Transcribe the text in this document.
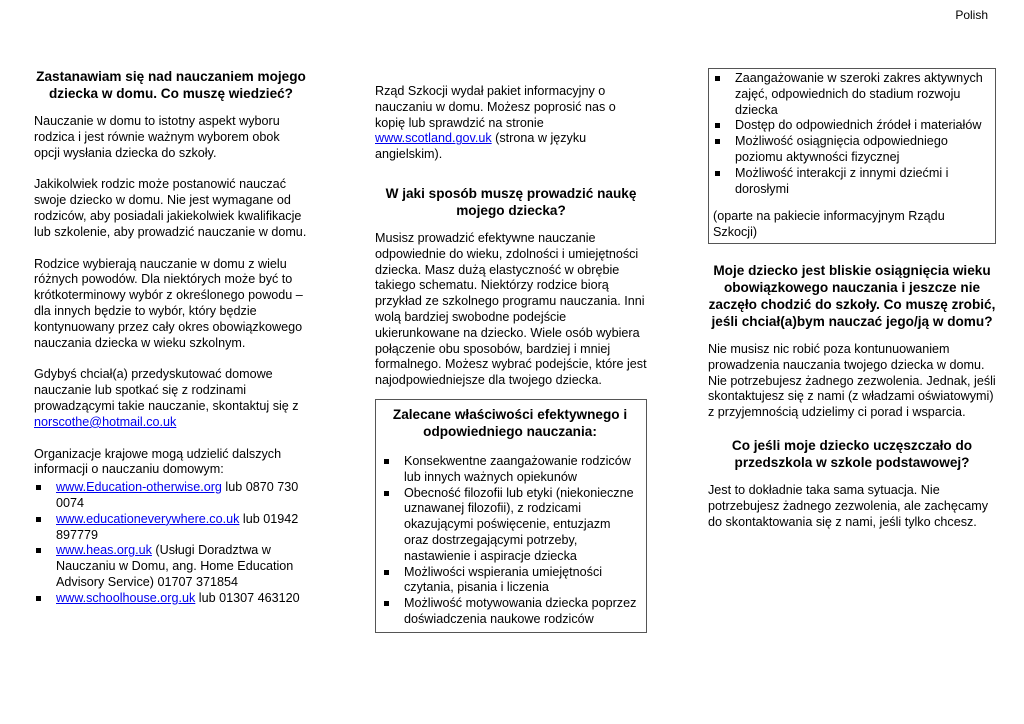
Polish
Zastanawiam się nad nauczaniem mojego dziecka w domu. Co muszę wiedzieć?

Nauczanie w domu to istotny aspekt wyboru rodzica i jest równie ważnym wyborem obok opcji wysłania dziecka do szkoły.

Jakikolwiek rodzic może postanowić nauczać swoje dziecko w domu. Nie jest wymagane od rodziców, aby posiadali jakiekolwiek kwalifikacje lub szkolenie, aby prowadzić nauczanie w domu.

Rodzice wybierają nauczanie w domu z wielu różnych powodów. Dla niektórych może być to krótkoterminowy wybór z określonego powodu – dla innych będzie to wybór, który będzie kontynuowany przez cały okres obowiązkowego nauczania dziecka w wieku szkolnym.

Gdybyś chciał(a) przedyskutować domowe nauczanie lub spotkać się z rodzinami prowadzącymi takie nauczanie, skontaktuj się z norscothe@hotmail.co.uk

Organizacje krajowe mogą udzielić dalszych informacji o nauczaniu domowym:

www.Education-otherwise.org lub 0870 730 0074
www.educationeverywhere.co.uk lub 01942 897779
www.heas.org.uk (Usługi Doradztwa w Nauczaniu w Domu, ang. Home Education Advisory Service) 01707 371854
www.schoolhouse.org.uk lub 01307 463120

Rząd Szkocji wydał pakiet informacyjny o nauczaniu w domu. Możesz poprosić nas o kopię lub sprawdzić na stronie www.scotland.gov.uk (strona w języku angielskim).

W jaki sposób muszę prowadzić naukę mojego dziecka?

Musisz prowadzić efektywne nauczanie odpowiednie do wieku, zdolności i umiejętności dziecka. Masz dużą elastyczność w obrębie takiego schematu. Niektórzy rodzice biorą przykład ze szkolnego programu nauczania. Inni wolą bardziej swobodne podejście ukierunkowane na dziecko. Wiele osób wybiera połączenie obu sposobów, bardziej i mniej formalnego. Możesz wybrać podejście, które jest najodpowiedniejsze dla twojego dziecka.

Zalecane właściwości efektywnego i odpowiedniego nauczania:
Konsekwentne zaangażowanie rodziców lub innych ważnych opiekunów
Obecność filozofii lub etyki (niekonieczne uznawanej filozofii), z rodzicami okazującymi poświęcenie, entuzjazm oraz dostrzegającymi potrzeby, nastawienie i aspiracje dziecka
Możliwości wspierania umiejętności czytania, pisania i liczenia
Możliwość motywowania dziecka poprzez doświadczenia naukowe rodziców
Zaangażowanie w szeroki zakres aktywnych zajęć, odpowiednich do stadium rozwoju dziecka
Dostęp do odpowiednich źródeł i materiałów
Możliwość osiągnięcia odpowiedniego poziomu aktywności fizycznej
Możliwość interakcji z innymi dziećmi i dorosłymi
(oparte na pakiecie informacyjnym Rządu Szkocji)
Moje dziecko jest bliskie osiągnięcia wieku obowiązkowego nauczania i jeszcze nie zaczęło chodzić do szkoły. Co muszę zrobić, jeśli chciał(a)bym nauczać jego/ją w domu?

Nie musisz nic robić poza kontunuowaniem prowadzenia nauczania twojego dziecka w domu. Nie potrzebujesz żadnego zezwolenia. Jednak, jeśli skontaktujesz się z nami (z władzami oświatowymi) z przyjemnością udzielimy ci porad i wsparcia.

Co jeśli moje dziecko uczęszczało do przedszkola w szkole podstawowej?

Jest to dokładnie taka sama sytuacja. Nie potrzebujesz żadnego zezwolenia, ale zachęcamy do skontaktowania się z nami, jeśli tylko chcesz.
